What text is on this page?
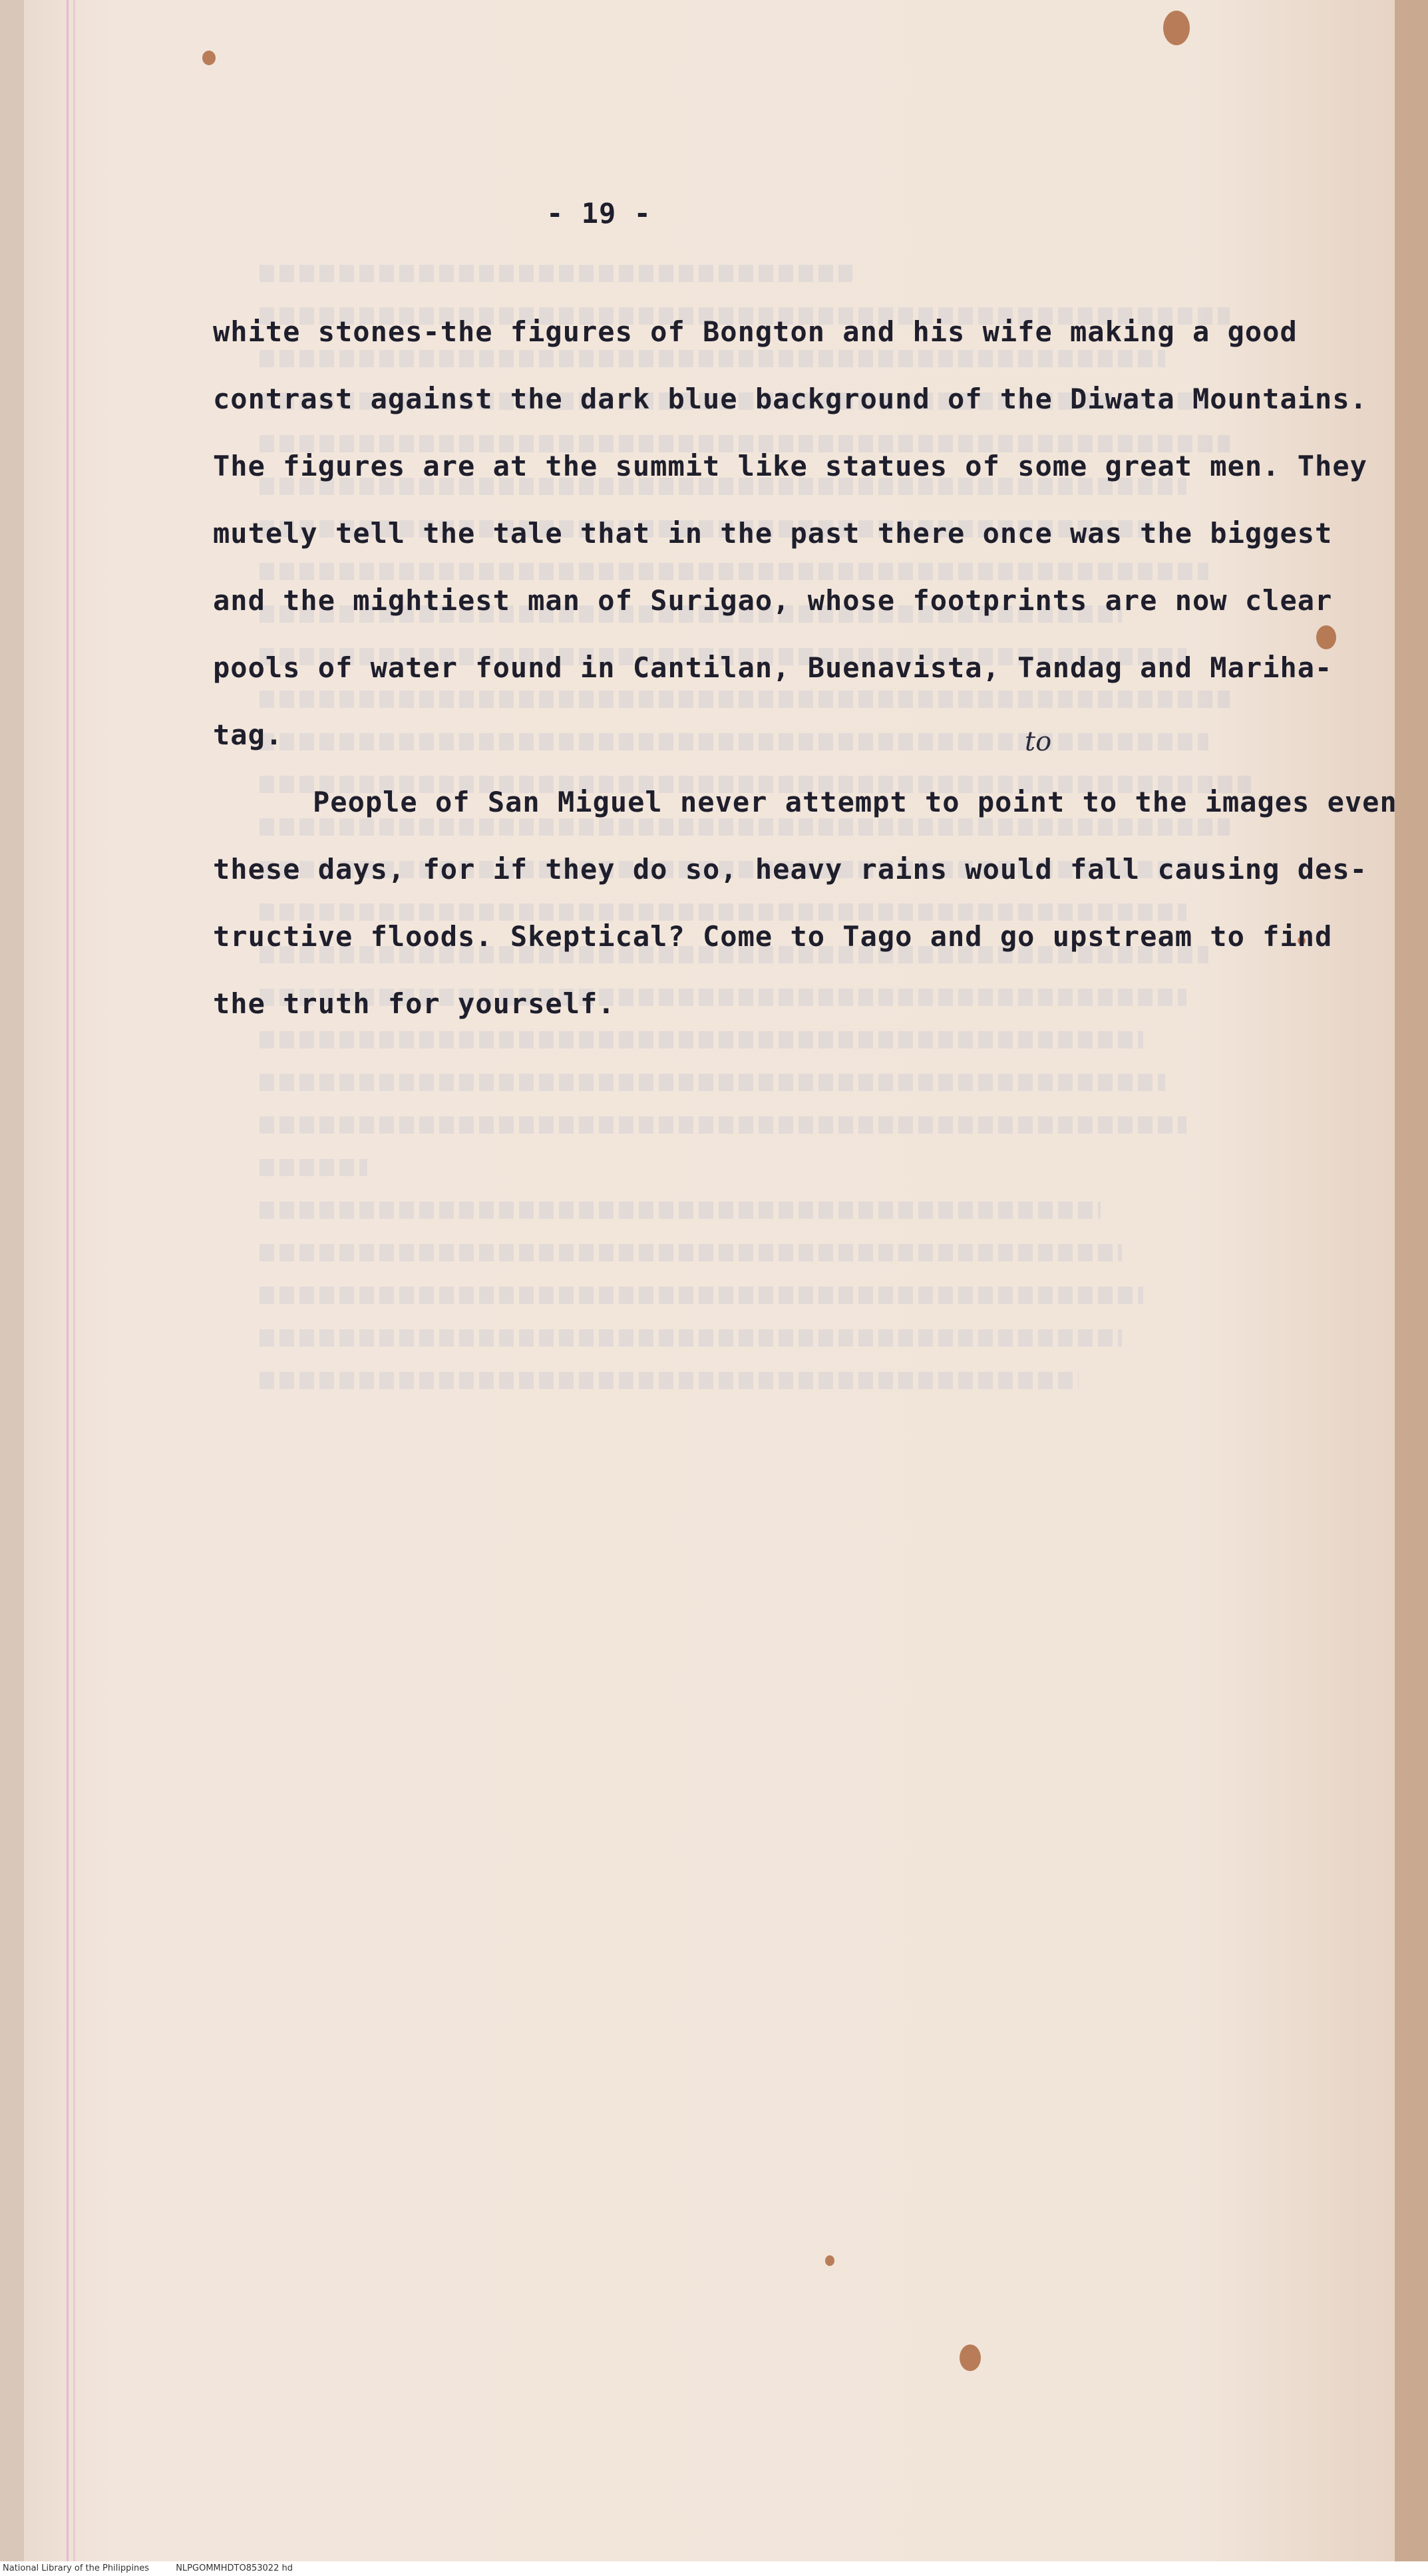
- 19 -
to
white stones-the figures of Bongton and his wife making a good
contrast against the dark blue background of the Diwata Mountains.
The figures are at the summit like statues of some great men. They
mutely tell the tale that in the past there once was the biggest
and the mightiest man of Surigao, whose footprints are now clear
pools of water found in Cantilan, Buenavista, Tandag and Mariha-
tag.
People of San Miguel never attempt to point to the images even
these days, for if they do so, heavy rains would fall causing des-
tructive floods. Skeptical? Come to Tago and go upstream to find
the truth for yourself.
National Library of the Philippines	NLPGOMMHDTO853022 hd
